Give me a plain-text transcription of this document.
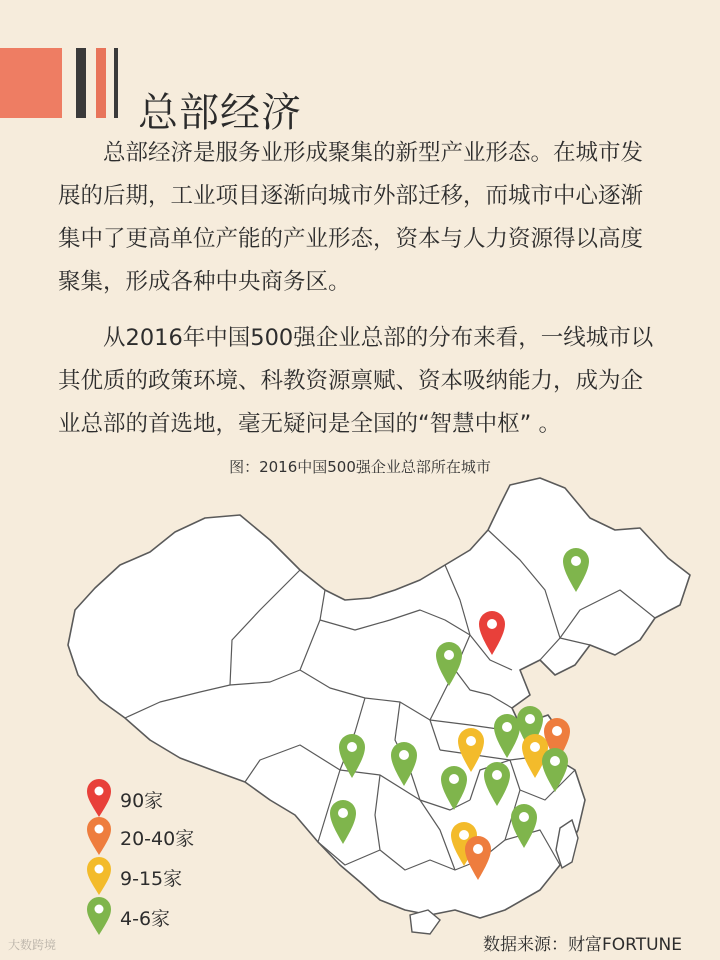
总部经济

总部经济是服务业形成聚集的新型产业形态。在城市发展的后期，工业项目逐渐向城市外部迁移，而城市中心逐渐集中了更高单位产能的产业形态，资本与人力资源得以高度聚集，形成各种中央商务区。

从2016年中国500强企业总部的分布来看，一线城市以其优质的政策环境、科教资源禀赋、资本吸纳能力，成为企业总部的首选地，毫无疑问是全国的“智慧中枢” 。

图：2016中国500强企业总部所在城市
90家
20-40家
9-15家
4-6家
数据来源：财富FORTUNE
大数跨境
